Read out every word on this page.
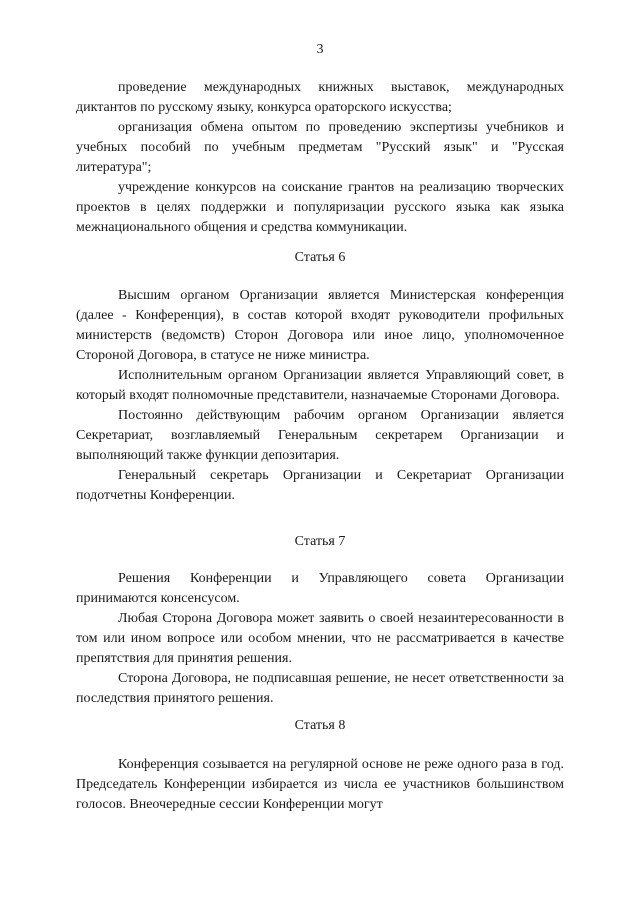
3

проведение международных книжных выставок, международных диктантов по русскому языку, конкурса ораторского искусства;

организация обмена опытом по проведению экспертизы учебников и учебных пособий по учебным предметам "Русский язык" и "Русская литература";

учреждение конкурсов на соискание грантов на реализацию творческих проектов в целях поддержки и популяризации русского языка как языка межнационального общения и средства коммуникации.

Статья 6

Высшим органом Организации является Министерская конференция (далее - Конференция), в состав которой входят руководители профильных министерств (ведомств) Сторон Договора или иное лицо, уполномоченное Стороной Договора, в статусе не ниже министра.

Исполнительным органом Организации является Управляющий совет, в который входят полномочные представители, назначаемые Сторонами Договора.

Постоянно действующим рабочим органом Организации является Секретариат, возглавляемый Генеральным секретарем Организации и выполняющий также функции депозитария.

Генеральный секретарь Организации и Секретариат Организации подотчетны Конференции.

Статья 7

Решения Конференции и Управляющего совета Организации принимаются консенсусом.

Любая Сторона Договора может заявить о своей незаинтересованности в том или ином вопросе или особом мнении, что не рассматривается в качестве препятствия для принятия решения.

Сторона Договора, не подписавшая решение, не несет ответственности за последствия принятого решения.

Статья 8

Конференция созывается на регулярной основе не реже одного раза в год. Председатель Конференции избирается из числа ее участников большинством голосов. Внеочередные сессии Конференции могут
